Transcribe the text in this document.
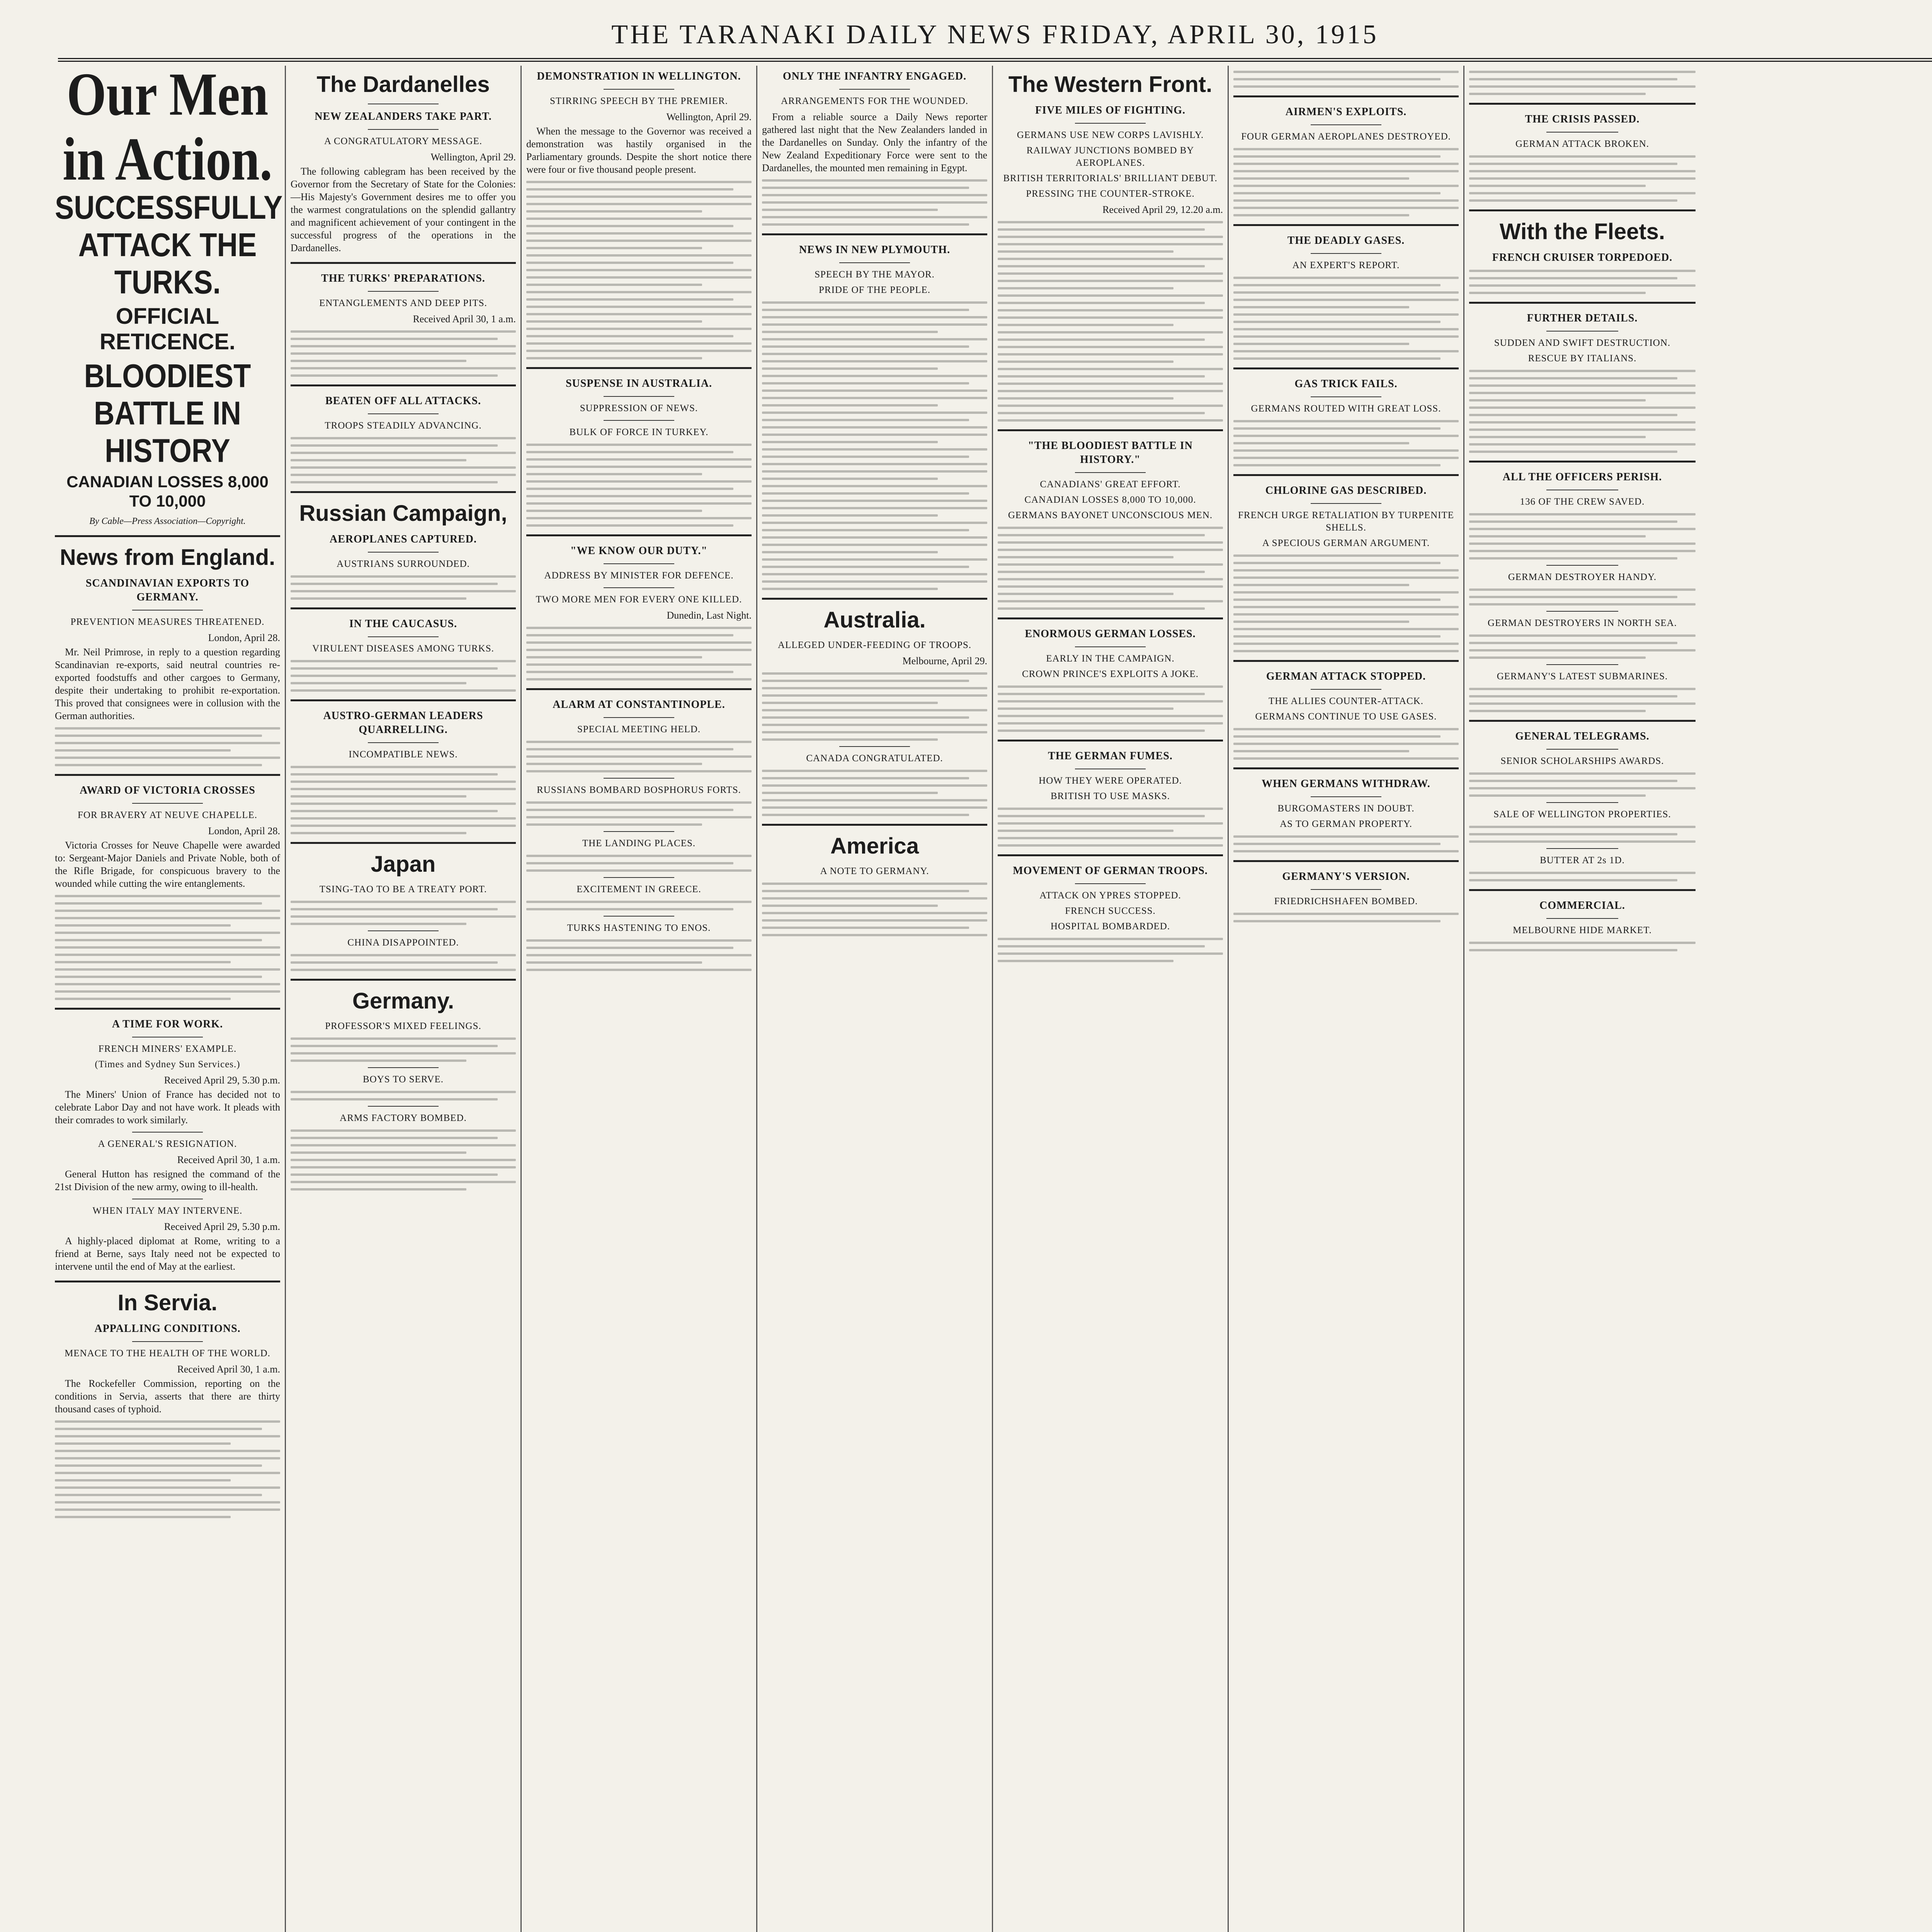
THE TARANAKI DAILY NEWS FRIDAY, APRIL 30, 1915
Our Men in Action.
SUCCESSFULLY ATTACK THE TURKS.
OFFICIAL RETICENCE.
BLOODIEST BATTLE IN HISTORY
CANADIAN LOSSES 8,000 TO 10,000
By Cable—Press Association—Copyright.
News from England.
SCANDINAVIAN EXPORTS TO GERMANY.
PREVENTION MEASURES THREATENED.
London, April 28.

Mr. Neil Primrose, in reply to a question regarding Scandinavian re-exports, said neutral countries re-exported foodstuffs and other cargoes to Germany, despite their undertaking to prohibit re-exportation. This proved that consignees were in collusion with the German authorities.

AWARD OF VICTORIA CROSSES
FOR BRAVERY AT NEUVE CHAPELLE.
London, April 28.

Victoria Crosses for Neuve Chapelle were awarded to: Sergeant-Major Daniels and Private Noble, both of the Rifle Brigade, for conspicuous bravery to the wounded while cutting the wire entanglements.

A TIME FOR WORK.
FRENCH MINERS' EXAMPLE.
(Times and Sydney Sun Services.)
Received April 29, 5.30 p.m.

The Miners' Union of France has decided not to celebrate Labor Day and not have work. It pleads with their comrades to work similarly.

A GENERAL'S RESIGNATION.
Received April 30, 1 a.m.

General Hutton has resigned the command of the 21st Division of the new army, owing to ill-health.

WHEN ITALY MAY INTERVENE.
Received April 29, 5.30 p.m.

A highly-placed diplomat at Rome, writing to a friend at Berne, says Italy need not be expected to intervene until the end of May at the earliest.

In Servia.
APPALLING CONDITIONS.
MENACE TO THE HEALTH OF THE WORLD.
Received April 30, 1 a.m.

The Rockefeller Commission, reporting on the conditions in Servia, asserts that there are thirty thousand cases of typhoid.

The Dardanelles
NEW ZEALANDERS TAKE PART.
A CONGRATULATORY MESSAGE.
Wellington, April 29.

The following cablegram has been received by the Governor from the Secretary of State for the Colonies:—His Majesty's Government desires me to offer you the warmest congratulations on the splendid gallantry and magnificent achievement of your contingent in the successful progress of the operations in the Dardanelles.

THE TURKS' PREPARATIONS.
ENTANGLEMENTS AND DEEP PITS.
Received April 30, 1 a.m.
BEATEN OFF ALL ATTACKS.
TROOPS STEADILY ADVANCING.
Russian Campaign,
AEROPLANES CAPTURED.
AUSTRIANS SURROUNDED.
IN THE CAUCASUS.
VIRULENT DISEASES AMONG TURKS.
AUSTRO-GERMAN LEADERS QUARRELLING.
INCOMPATIBLE NEWS.
Japan
TSING-TAO TO BE A TREATY PORT.
CHINA DISAPPOINTED.
Germany.
PROFESSOR'S MIXED FEELINGS.
BOYS TO SERVE.
ARMS FACTORY BOMBED.
DEMONSTRATION IN WELLINGTON.
STIRRING SPEECH BY THE PREMIER.
Wellington, April 29.

When the message to the Governor was received a demonstration was hastily organised in the Parliamentary grounds. Despite the short notice there were four or five thousand people present.

SUSPENSE IN AUSTRALIA.
SUPPRESSION OF NEWS.
BULK OF FORCE IN TURKEY.
"WE KNOW OUR DUTY."
ADDRESS BY MINISTER FOR DEFENCE.
TWO MORE MEN FOR EVERY ONE KILLED.
Dunedin, Last Night.
ALARM AT CONSTANTINOPLE.
SPECIAL MEETING HELD.
RUSSIANS BOMBARD BOSPHORUS FORTS.
THE LANDING PLACES.
EXCITEMENT IN GREECE.
TURKS HASTENING TO ENOS.
ONLY THE INFANTRY ENGAGED.
ARRANGEMENTS FOR THE WOUNDED.

From a reliable source a Daily News reporter gathered last night that the New Zealanders landed in the Dardanelles on Sunday. Only the infantry of the New Zealand Expeditionary Force were sent to the Dardanelles, the mounted men remaining in Egypt.

NEWS IN NEW PLYMOUTH.
SPEECH BY THE MAYOR.
PRIDE OF THE PEOPLE.
Australia.
ALLEGED UNDER-FEEDING OF TROOPS.
Melbourne, April 29.
CANADA CONGRATULATED.
America
A NOTE TO GERMANY.
The Western Front.
FIVE MILES OF FIGHTING.
GERMANS USE NEW CORPS LAVISHLY.
RAILWAY JUNCTIONS BOMBED BY AEROPLANES.
BRITISH TERRITORIALS' BRILLIANT DEBUT.
PRESSING THE COUNTER-STROKE.
Received April 29, 12.20 a.m.
"THE BLOODIEST BATTLE IN HISTORY."
CANADIANS' GREAT EFFORT.
CANADIAN LOSSES 8,000 TO 10,000.
GERMANS BAYONET UNCONSCIOUS MEN.
ENORMOUS GERMAN LOSSES.
EARLY IN THE CAMPAIGN.
CROWN PRINCE'S EXPLOITS A JOKE.
THE GERMAN FUMES.
HOW THEY WERE OPERATED.
BRITISH TO USE MASKS.
MOVEMENT OF GERMAN TROOPS.
ATTACK ON YPRES STOPPED.
FRENCH SUCCESS.
HOSPITAL BOMBARDED.
AIRMEN'S EXPLOITS.
FOUR GERMAN AEROPLANES DESTROYED.
THE DEADLY GASES.
AN EXPERT'S REPORT.
GAS TRICK FAILS.
GERMANS ROUTED WITH GREAT LOSS.
CHLORINE GAS DESCRIBED.
FRENCH URGE RETALIATION BY TURPENITE SHELLS.
A SPECIOUS GERMAN ARGUMENT.
GERMAN ATTACK STOPPED.
THE ALLIES COUNTER-ATTACK.
GERMANS CONTINUE TO USE GASES.
WHEN GERMANS WITHDRAW.
BURGOMASTERS IN DOUBT.
AS TO GERMAN PROPERTY.
GERMANY'S VERSION.
FRIEDRICHSHAFEN BOMBED.
THE CRISIS PASSED.
GERMAN ATTACK BROKEN.
With the Fleets.
FRENCH CRUISER TORPEDOED.
FURTHER DETAILS.
SUDDEN AND SWIFT DESTRUCTION.
RESCUE BY ITALIANS.
ALL THE OFFICERS PERISH.
136 OF THE CREW SAVED.
GERMAN DESTROYER HANDY.
GERMAN DESTROYERS IN NORTH SEA.
GERMANY'S LATEST SUBMARINES.
GENERAL TELEGRAMS.
SENIOR SCHOLARSHIPS AWARDS.
SALE OF WELLINGTON PROPERTIES.
BUTTER AT 2s 1D.
COMMERCIAL.
MELBOURNE HIDE MARKET.
